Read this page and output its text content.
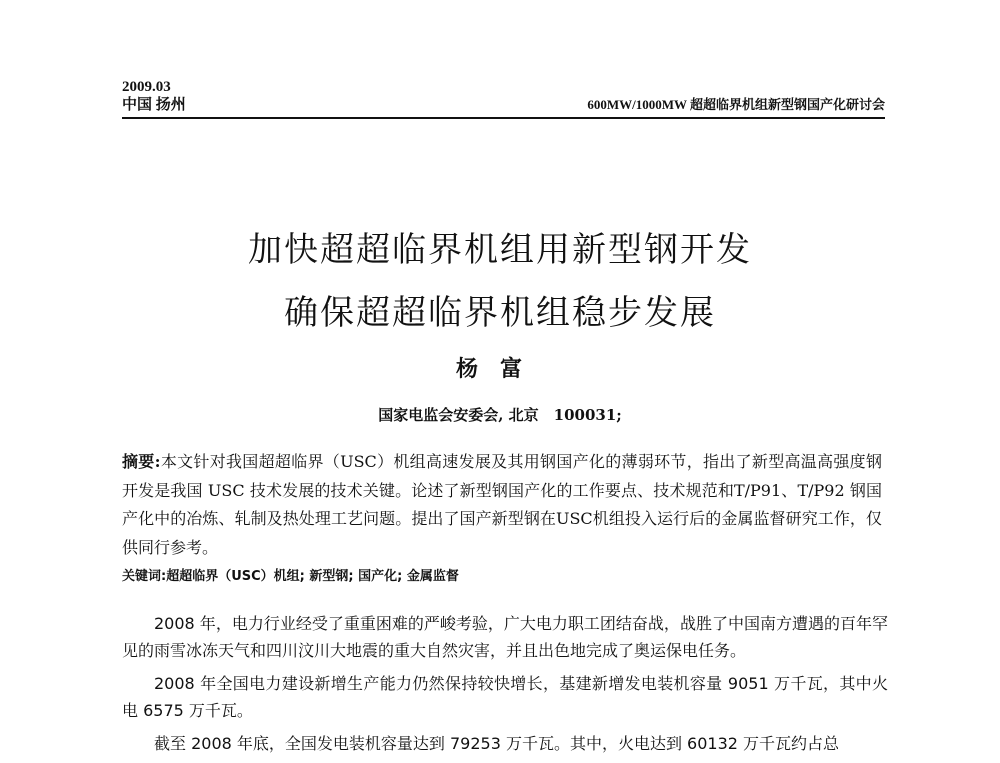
2009.03
中国 扬州	600MW/1000MW 超超临界机组新型钢国产化研讨会
加快超超临界机组用新型钢开发
确保超超临界机组稳步发展
杨富
国家电监会安委会, 北京　100031;
摘要:本文针对我国超超临界（USC）机组高速发展及其用钢国产化的薄弱环节，指出了新型高温高强度钢开发是我国 USC 技术发展的技术关键。论述了新型钢国产化的工作要点、技术规范和T/P91、T/P92 钢国产化中的冶炼、轧制及热处理工艺问题。提出了国产新型钢在USC机组投入运行后的金属监督研究工作，仅供同行参考。
关键词:超超临界（USC）机组; 新型钢; 国产化; 金属监督

2008 年，电力行业经受了重重困难的严峻考验，广大电力职工团结奋战，战胜了中国南方遭遇的百年罕见的雨雪冰冻天气和四川汶川大地震的重大自然灾害，并且出色地完成了奥运保电任务。

2008 年全国电力建设新增生产能力仍然保持较快增长，基建新增发电装机容量 9051 万千瓦，其中火电 6575 万千瓦。

截至 2008 年底，全国发电装机容量达到 79253 万千瓦。其中，火电达到 60132 万千瓦约占总
